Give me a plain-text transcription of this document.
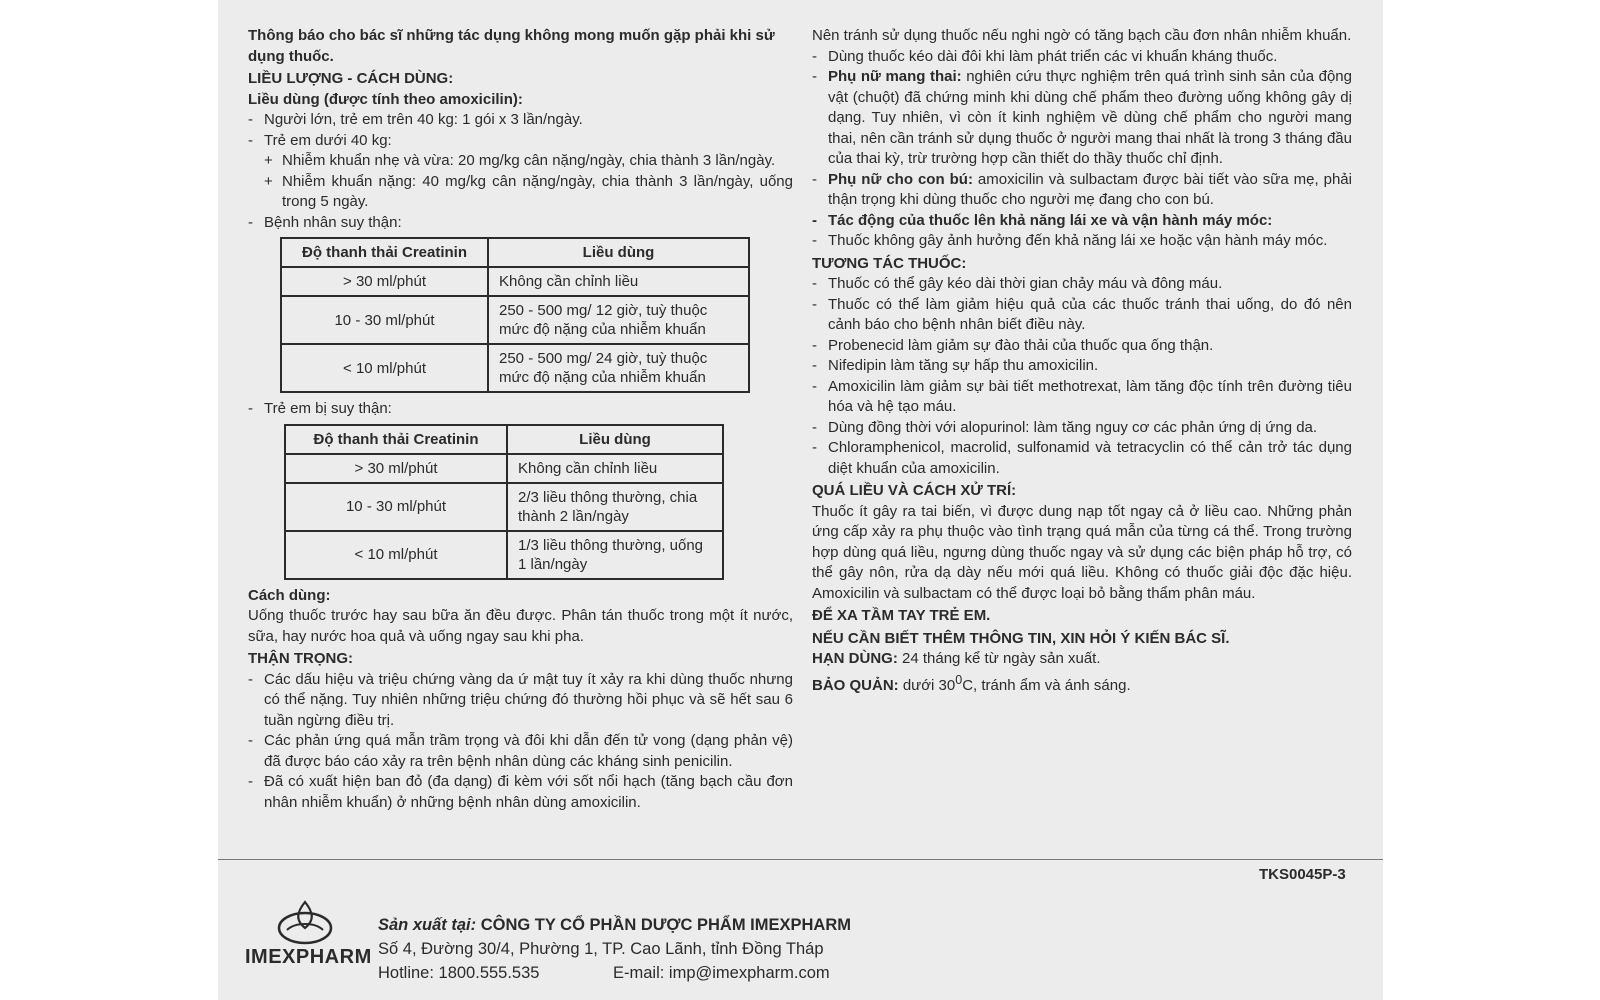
Thông báo cho bác sĩ những tác dụng không mong muốn gặp phải khi sử dụng thuốc.

LIỀU LƯỢNG - CÁCH DÙNG:

Liều dùng (được tính theo amoxicilin):

- Người lớn, trẻ em trên 40 kg: 1 gói x 3 lần/ngày.

- Trẻ em dưới 40 kg:

+ Nhiễm khuẩn nhẹ và vừa: 20 mg/kg cân nặng/ngày, chia thành 3 lần/ngày.

+ Nhiễm khuẩn nặng: 40 mg/kg cân nặng/ngày, chia thành 3 lần/ngày, uống trong 5 ngày.

- Bệnh nhân suy thận:

Độ thanh thải Creatinin	Liều dùng
> 30 ml/phút	Không cần chỉnh liều
10 - 30 ml/phút	250 - 500 mg/ 12 giờ, tuỳ thuộc mức độ nặng của nhiễm khuẩn
< 10 ml/phút	250 - 500 mg/ 24 giờ, tuỳ thuộc mức độ nặng của nhiễm khuẩn

- Trẻ em bị suy thận:

Độ thanh thải Creatinin	Liều dùng
> 30 ml/phút	Không cần chỉnh liều
10 - 30 ml/phút	2/3 liều thông thường, chia thành 2 lần/ngày
< 10 ml/phút	1/3 liều thông thường, uống 1 lần/ngày

Cách dùng:

Uống thuốc trước hay sau bữa ăn đều được. Phân tán thuốc trong một ít nước, sữa, hay nước hoa quả và uống ngay sau khi pha.

THẬN TRỌNG:

- Các dấu hiệu và triệu chứng vàng da ứ mật tuy ít xảy ra khi dùng thuốc nhưng có thể nặng. Tuy nhiên những triệu chứng đó thường hồi phục và sẽ hết sau 6 tuần ngừng điều trị.

- Các phản ứng quá mẫn trầm trọng và đôi khi dẫn đến tử vong (dạng phản vệ) đã được báo cáo xảy ra trên bệnh nhân dùng các kháng sinh penicilin.

- Đã có xuất hiện ban đỏ (đa dạng) đi kèm với sốt nổi hạch (tăng bạch cầu đơn nhân nhiễm khuẩn) ở những bệnh nhân dùng amoxicilin.

Nên tránh sử dụng thuốc nếu nghi ngờ có tăng bạch cầu đơn nhân nhiễm khuẩn.

- Dùng thuốc kéo dài đôi khi làm phát triển các vi khuẩn kháng thuốc.

- Phụ nữ mang thai: nghiên cứu thực nghiệm trên quá trình sinh sản của động vật (chuột) đã chứng minh khi dùng chế phẩm theo đường uống không gây dị dạng. Tuy nhiên, vì còn ít kinh nghiệm về dùng chế phẩm cho người mang thai, nên cần tránh sử dụng thuốc ở người mang thai nhất là trong 3 tháng đầu của thai kỳ, trừ trường hợp cần thiết do thầy thuốc chỉ định.

- Phụ nữ cho con bú: amoxicilin và sulbactam được bài tiết vào sữa mẹ, phải thận trọng khi dùng thuốc cho người mẹ đang cho con bú.

- Tác động của thuốc lên khả năng lái xe và vận hành máy móc:

- Thuốc không gây ảnh hưởng đến khả năng lái xe hoặc vận hành máy móc.

TƯƠNG TÁC THUỐC:

- Thuốc có thể gây kéo dài thời gian chảy máu và đông máu.

- Thuốc có thể làm giảm hiệu quả của các thuốc tránh thai uống, do đó nên cảnh báo cho bệnh nhân biết điều này.

- Probenecid làm giảm sự đào thải của thuốc qua ống thận.

- Nifedipin làm tăng sự hấp thu amoxicilin.

- Amoxicilin làm giảm sự bài tiết methotrexat, làm tăng độc tính trên đường tiêu hóa và hệ tạo máu.

- Dùng đồng thời với alopurinol: làm tăng nguy cơ các phản ứng dị ứng da.

- Chloramphenicol, macrolid, sulfonamid và tetracyclin có thể cản trở tác dụng diệt khuẩn của amoxicilin.

QUÁ LIỀU VÀ CÁCH XỬ TRÍ:

Thuốc ít gây ra tai biến, vì được dung nạp tốt ngay cả ở liều cao. Những phản ứng cấp xảy ra phụ thuộc vào tình trạng quá mẫn của từng cá thể. Trong trường hợp dùng quá liều, ngưng dùng thuốc ngay và sử dụng các biện pháp hỗ trợ, có thể gây nôn, rửa dạ dày nếu mới quá liều. Không có thuốc giải độc đặc hiệu. Amoxicilin và sulbactam có thể được loại bỏ bằng thẩm phân máu.

ĐỂ XA TẦM TAY TRẺ EM.

NẾU CẦN BIẾT THÊM THÔNG TIN, XIN HỎI Ý KIẾN BÁC SĨ.

HẠN DÙNG: 24 tháng kể từ ngày sản xuất.

BẢO QUẢN: dưới $30^0C$, tránh ẩm và ánh sáng.

TKS0045P-3
IMEXPHARM

Sản xuất tại: CÔNG TY CỔ PHẦN DƯỢC PHẨM IMEXPHARM

Số 4, Đường 30/4, Phường 1, TP. Cao Lãnh, tỉnh Đồng Tháp

Hotline: 1800.555.535	E-mail: imp@imexpharm.com
